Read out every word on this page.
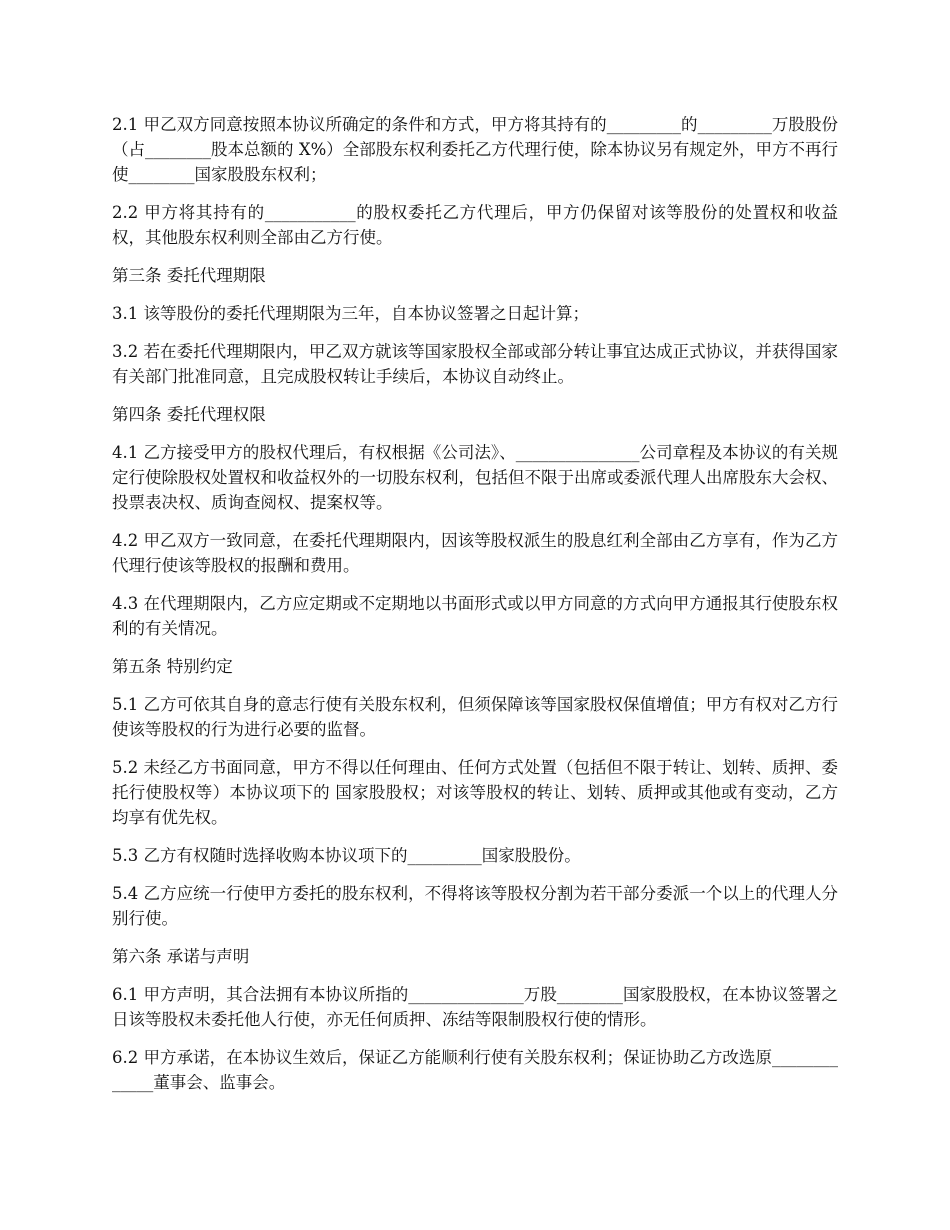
2.1 甲乙双方同意按照本协议所确定的条件和方式，甲方将其持有的_________的_________万股股份（占________股本总额的 X%）全部股东权利委托乙方代理行使，除本协议另有规定外，甲方不再行使________国家股股东权利；

2.2 甲方将其持有的___________的股权委托乙方代理后，甲方仍保留对该等股份的处置权和收益权，其他股东权利则全部由乙方行使。

第三条 委托代理期限

3.1 该等股份的委托代理期限为三年，自本协议签署之日起计算；

3.2 若在委托代理期限内，甲乙双方就该等国家股权全部或部分转让事宜达成正式协议，并获得国家有关部门批准同意，且完成股权转让手续后，本协议自动终止。

第四条 委托代理权限

4.1 乙方接受甲方的股权代理后，有权根据《公司法》、_______________公司章程及本协议的有关规定行使除股权处置权和收益权外的一切股东权利，包括但不限于出席或委派代理人出席股东大会权、投票表决权、质询查阅权、提案权等。

4.2 甲乙双方一致同意，在委托代理期限内，因该等股权派生的股息红利全部由乙方享有，作为乙方代理行使该等股权的报酬和费用。

4.3 在代理期限内，乙方应定期或不定期地以书面形式或以甲方同意的方式向甲方通报其行使股东权利的有关情况。

第五条 特别约定

5.1 乙方可依其自身的意志行使有关股东权利，但须保障该等国家股权保值增值；甲方有权对乙方行使该等股权的行为进行必要的监督。

5.2 未经乙方书面同意，甲方不得以任何理由、任何方式处置（包括但不限于转让、划转、质押、委托行使股权等）本协议项下的 国家股股权；对该等股权的转让、划转、质押或其他或有变动，乙方均享有优先权。

5.3 乙方有权随时选择收购本协议项下的_________国家股股份。

5.4 乙方应统一行使甲方委托的股东权利，不得将该等股权分割为若干部分委派一个以上的代理人分别行使。

第六条 承诺与声明

6.1 甲方声明，其合法拥有本协议所指的______________万股________国家股股权，在本协议签署之日该等股权未委托他人行使，亦无任何质押、冻结等限制股权行使的情形。

6.2 甲方承诺，在本协议生效后，保证乙方能顺利行使有关股东权利；保证协助乙方改选原_____________董事会、监事会。
